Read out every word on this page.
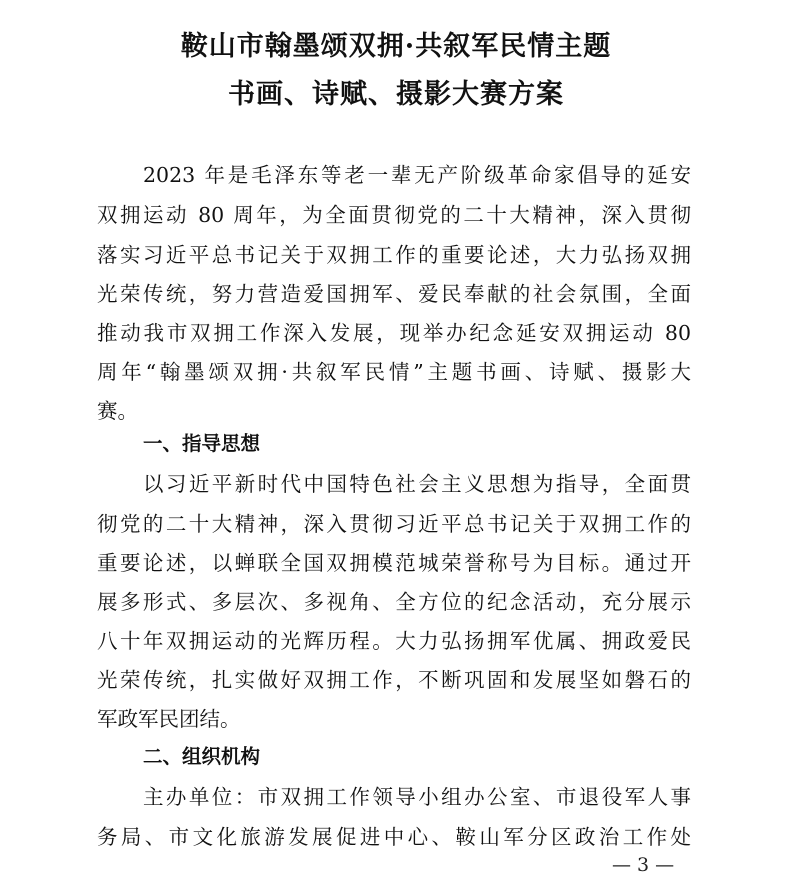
鞍山市翰墨颂双拥·共叙军民情主题
书画、诗赋、摄影大赛方案
2023 年是毛泽东等老一辈无产阶级革命家倡导的延安
双拥运动 80 周年，为全面贯彻党的二十大精神，深入贯彻
落实习近平总书记关于双拥工作的重要论述，大力弘扬双拥
光荣传统，努力营造爱国拥军、爱民奉献的社会氛围，全面
推动我市双拥工作深入发展，现举办纪念延安双拥运动 80
周年“翰墨颂双拥·共叙军民情”主题书画、诗赋、摄影大
赛。
一、指导思想
以习近平新时代中国特色社会主义思想为指导，全面贯
彻党的二十大精神，深入贯彻习近平总书记关于双拥工作的
重要论述，以蝉联全国双拥模范城荣誉称号为目标。通过开
展多形式、多层次、多视角、全方位的纪念活动，充分展示
八十年双拥运动的光辉历程。大力弘扬拥军优属、拥政爱民
光荣传统，扎实做好双拥工作，不断巩固和发展坚如磐石的
军政军民团结。
二、组织机构
主办单位：市双拥工作领导小组办公室、市退役军人事
务局、市文化旅游发展促进中心、鞍山军分区政治工作处
— 3 —
